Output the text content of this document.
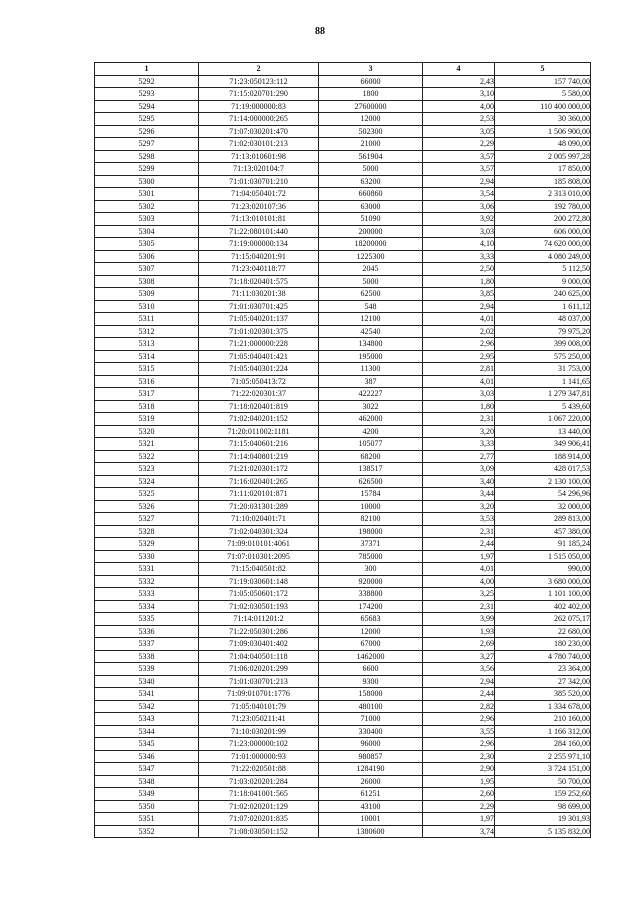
88
1	2	3	4	5
5292	71:23:050123:112	66000	2,43	157 740,00
5293	71:15:020701:290	1800	3,10	5 580,00
5294	71:19:000000:83	27600000	4,00	110 400 000,00
5295	71:14:000000:265	12000	2,53	30 360,00
5296	71:07:030201:470	502300	3,05	1 506 900,00
5297	71:02:030101:213	21000	2,29	48 090,00
5298	71:13:010601:98	561904	3,57	2 005 997,28
5299	71:13:020104:7	5000	3,57	17 850,00
5300	71:01:030701:210	63200	2,94	185 808,00
5301	71:04:050401:72	660860	3,54	2 313 010,00
5302	71:23:020107:36	63000	3,06	192 780,00
5303	71:13:010101:81	51090	3,92	200 272,80
5304	71:22:080101:440	200000	3,03	606 000,00
5305	71:19:000000:134	18200000	4,10	74 620 000,00
5306	71:15:040201:91	1225300	3,33	4 080 249,00
5307	71:23:040118:77	2045	2,50	5 112,50
5308	71:18:020401:575	5000	1,80	9 000,00
5309	71:11:030201:38	62500	3,85	240 625,00
5310	71:01:030701:425	548	2,94	1 611,12
5311	71:05:040201:137	12100	4,01	48 037,00
5312	71:01:020301:375	42540	2,02	79 975,20
5313	71:21:000000:228	134800	2,96	399 008,00
5314	71:05:040401:421	195000	2,95	575 250,00
5315	71:05:040301:224	11300	2,81	31 753,00
5316	71:05:050413:72	387	4,01	1 141,65
5317	71:22:020301:37	422227	3,03	1 279 347,81
5318	71:18:020401:819	3022	1,80	5 439,60
5319	71:02:040201:152	462000	2,31	1 067 220,00
5320	71:20:011002:1181	4200	3,20	13 440,00
5321	71:15:040601:216	105077	3,33	349 906,41
5322	71:14:040801:219	68200	2,77	188 914,00
5323	71:21:020301:172	138517	3,09	428 017,53
5324	71:16:020401:265	626500	3,40	2 130 100,00
5325	71:11:020101:871	15784	3,44	54 296,96
5326	71:20:031301:289	10000	3,20	32 000,00
5327	71:10:020401:71	82100	3,53	289 813,00
5328	71:02:040301:324	198000	2,31	457 380,00
5329	71:09:010101:4061	37371	2,44	91 185,24
5330	71:07:010301:2095	785000	1,97	1 515 050,00
5331	71:15:040501:82	300	4,01	990,00
5332	71:19:030601:148	920000	4,00	3 680 000,00
5333	71:05:050601:172	338800	3,25	1 101 100,00
5334	71:02:030501:193	174200	2,31	402 402,00
5335	71:14:011201:2	65683	3,99	262 075,17
5336	71:22:050301:286	12000	1,93	22 680,00
5337	71:09:030401:402	67000	2,69	180 230,00
5338	71:04:040501:118	1462000	3,27	4 780 740,00
5339	71:06:020201:299	6600	3,56	23 364,00
5340	71:01:030701:213	9300	2,94	27 342,00
5341	71:09:010701:1776	158000	2,44	385 520,00
5342	71:05:040101:79	480100	2,82	1 334 678,00
5343	71:23:050211:41	71000	2,96	210 160,00
5344	71:10:030201:99	330400	3,55	1 166 312,00
5345	71:23:000000:102	96000	2,96	284 160,00
5346	71:01:000000:93	980857	2,30	2 255 971,10
5347	71:22:020501:88	1284190	2,90	3 724 151,00
5348	71:03:020201:284	26000	1,95	50 700,00
5349	71:18:041001:565	61251	2,60	159 252,60
5350	71:02:020201:129	43100	2,29	98 699,00
5351	71:07:020201:835	10001	1,97	19 301,93
5352	71:08:030501:152	1380600	3,74	5 135 832,00
